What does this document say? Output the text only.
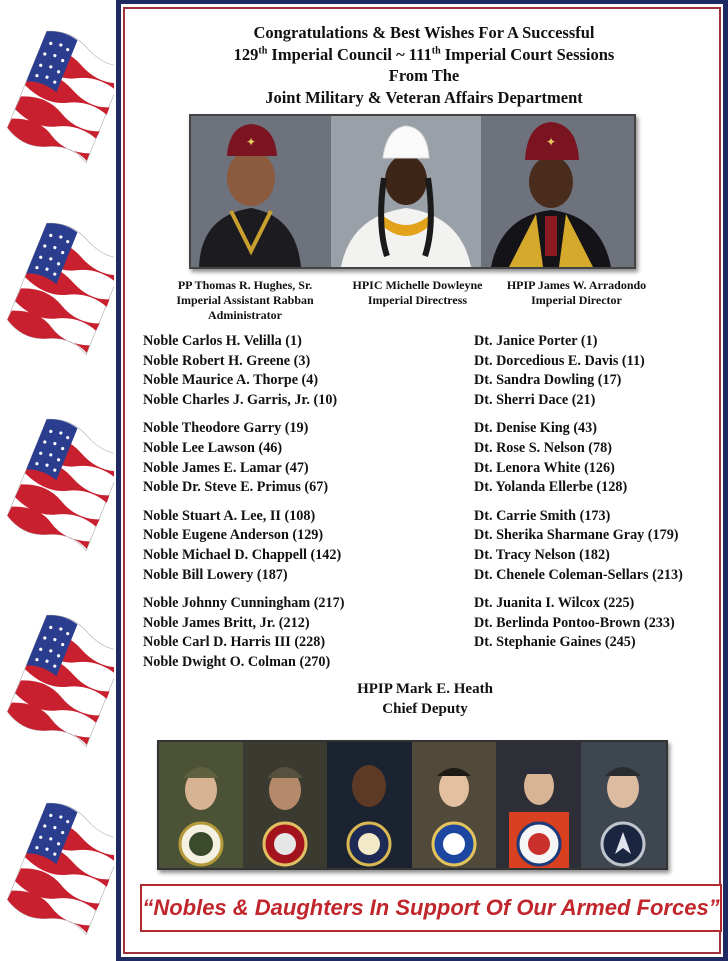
Congratulations & Best Wishes For A Successful
129th Imperial Council ~ 111th Imperial Court Sessions
From The
Joint Military & Veteran Affairs Department
✦	✦
PP Thomas R. Hughes, Sr.
Imperial Assistant Rabban
Administrator
HPIC Michelle Dowleyne
Imperial Directress
HPIP James W. Arradondo
Imperial Director
Noble Carlos H. Velilla (1)
Noble Robert H. Greene (3)
Noble Maurice A. Thorpe (4)
Noble Charles J. Garris, Jr. (10)
Noble Theodore Garry (19)
Noble Lee Lawson (46)
Noble James E. Lamar (47)
Noble Dr. Steve E. Primus (67)
Noble Stuart A. Lee, II (108)
Noble Eugene Anderson (129)
Noble Michael D. Chappell (142)
Noble Bill Lowery (187)
Noble Johnny Cunningham (217)
Noble James Britt, Jr. (212)
Noble Carl D. Harris III (228)
Noble Dwight O. Colman (270)
Dt. Janice Porter (1)
Dt. Dorcedious E. Davis (11)
Dt. Sandra Dowling (17)
Dt. Sherri Dace (21)
Dt. Denise King (43)
Dt. Rose S. Nelson (78)
Dt. Lenora White (126)
Dt. Yolanda Ellerbe (128)
Dt. Carrie Smith (173)
Dt. Sherika Sharmane Gray (179)
Dt. Tracy Nelson (182)
Dt. Chenele Coleman-Sellars (213)
Dt. Juanita I. Wilcox (225)
Dt. Berlinda Pontoo-Brown (233)
Dt. Stephanie Gaines (245)
HPIP Mark E. Heath
Chief Deputy
“Nobles & Daughters In Support Of Our Armed Forces”
